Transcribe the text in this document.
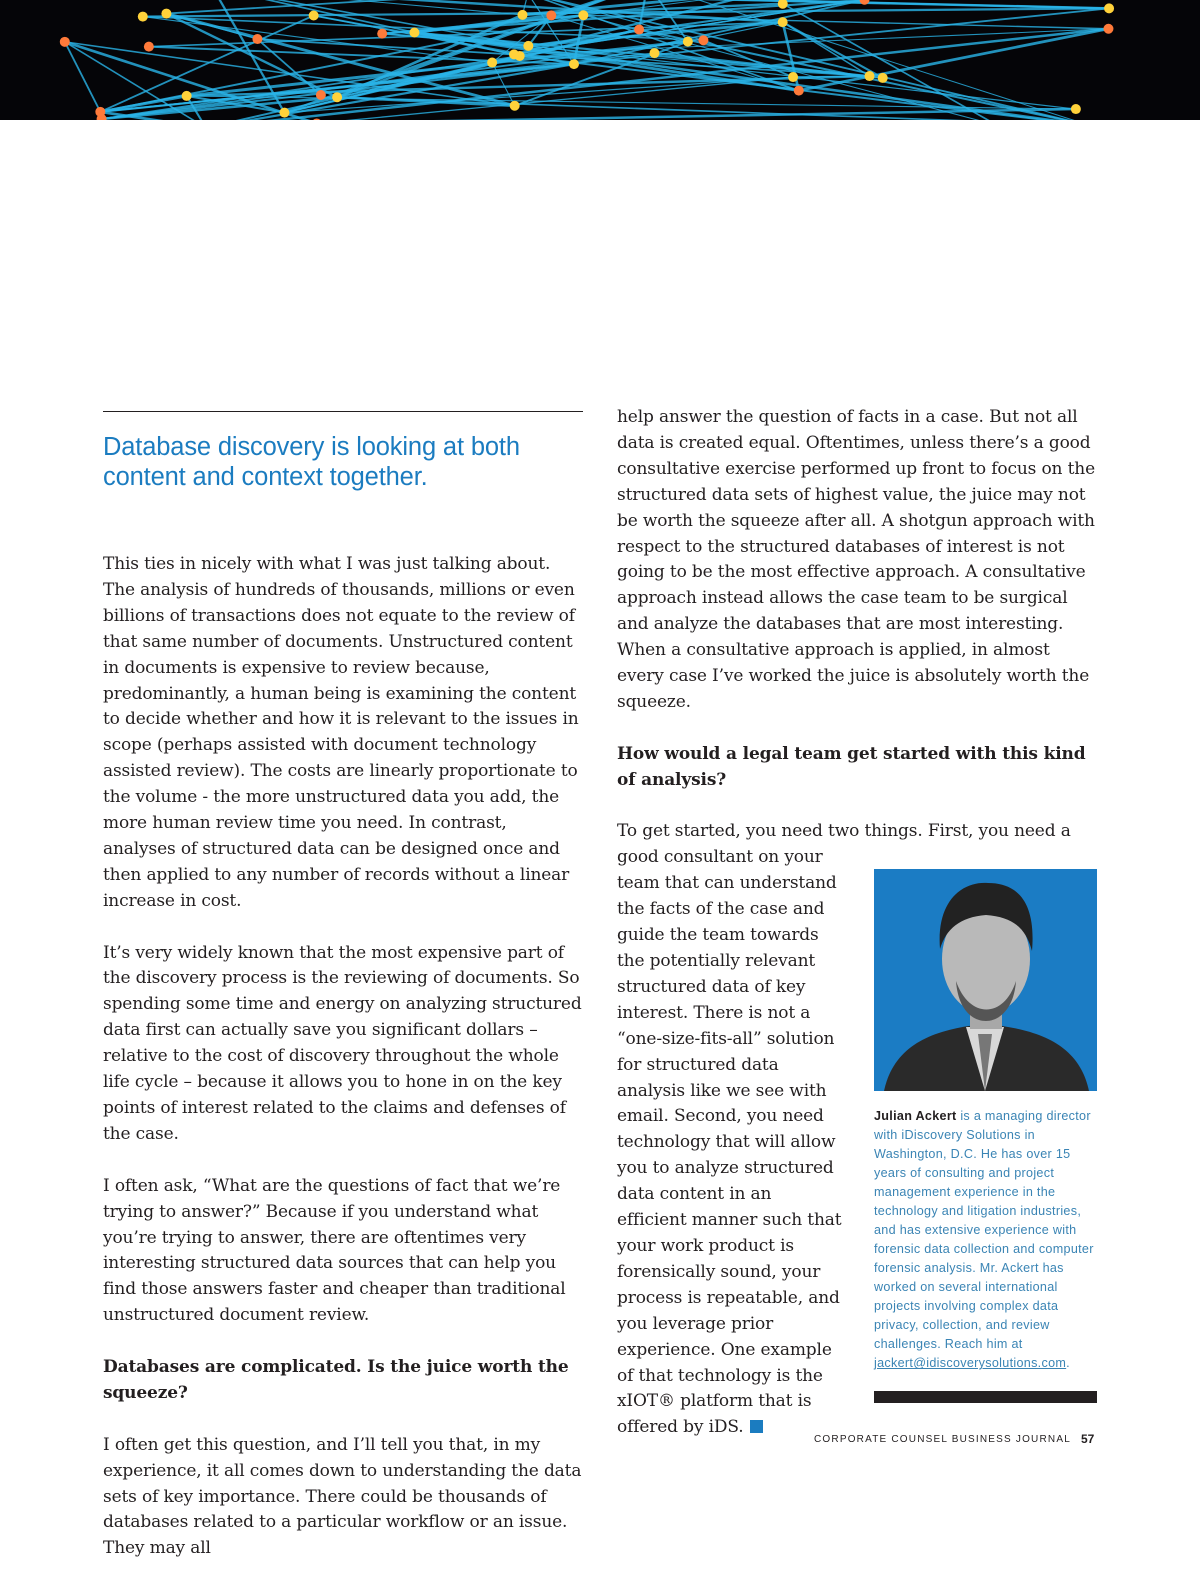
Database discovery is looking at both content and context together.

This ties in nicely with what I was just talking about. The analysis of hundreds of thousands, millions or even billions of transactions does not equate to the review of that same number of documents. Unstructured content in documents is expensive to review because, predominantly, a human being is examining the content to decide whether and how it is relevant to the issues in scope (perhaps assisted with document technology assisted review). The costs are linearly proportionate to the volume - the more unstructured data you add, the more human review time you need. In contrast, analyses of structured data can be designed once and then applied to any number of records without a linear increase in cost.

It’s very widely known that the most expensive part of the discovery process is the reviewing of documents. So spending some time and energy on analyzing structured data first can actually save you significant dollars – relative to the cost of discovery throughout the whole life cycle – because it allows you to hone in on the key points of interest related to the claims and defenses of the case.

I often ask, “What are the questions of fact that we’re trying to answer?” Because if you understand what you’re trying to answer, there are oftentimes very interesting structured data sources that can help you find those answers faster and cheaper than traditional unstructured document review.

Databases are complicated. Is the juice worth the squeeze?

I often get this question, and I’ll tell you that, in my experience, it all comes down to understanding the data sets of key importance. There could be thousands of databases related to a particular workflow or an issue. They may all

help answer the question of facts in a case. But not all data is created equal. Oftentimes, unless there’s a good consultative exercise performed up front to focus on the structured data sets of highest value, the juice may not be worth the squeeze after all. A shotgun approach with respect to the structured databases of interest is not going to be the most effective approach. A consultative approach instead allows the case team to be surgical and analyze the databases that are most interesting. When a consultative approach is applied, in almost every case I’ve worked the juice is absolutely worth the squeeze.

How would a legal team get started with this kind of analysis?

Julian Ackert is a managing director with iDiscovery Solutions in Washington, D.C. He has over 15 years of consulting and project management experience in the technology and litigation industries, and has extensive experience with forensic data collection and computer forensic analysis. Mr. Ackert has worked on several international projects involving complex data privacy, collection, and review challenges. Reach him at jackert@idiscoverysolutions.com.

To get started, you need two things. First, you need a good consultant on your team that can understand the facts of the case and guide the team towards the potentially relevant structured data of key interest. There is not a “one-size-fits-all” solution for structured data analysis like we see with email. Second, you need technology that will allow you to analyze structured data content in an efficient manner such that your work product is forensically sound, your process is repeatable, and you leverage prior experience. One example of that technology is the xIOT® platform that is offered by iDS.

CORPORATE COUNSEL BUSINESS JOURNAL 57
